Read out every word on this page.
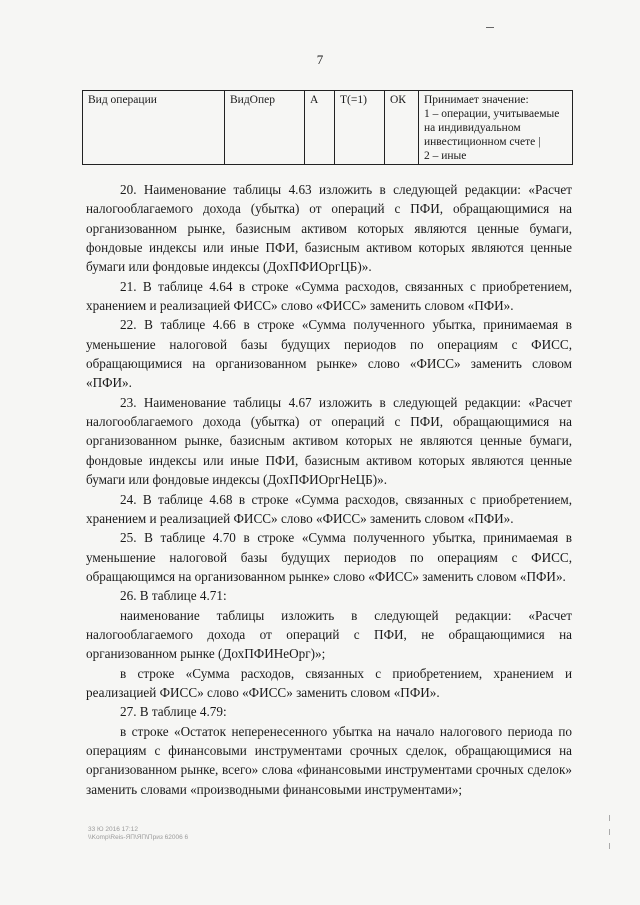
7
Вид операции	ВидОпер	А	T(=1)	ОК	Принимает значение:
1 – операции, учитываемые
на индивидуальном
инвестиционном счете |
2 – иные

20. Наименование таблицы 4.63 изложить в следующей редакции: «Расчет налогооблагаемого дохода (убытка) от операций с ПФИ, обращающимися на организованном рынке, базисным активом которых являются ценные бумаги, фондовые индексы или иные ПФИ, базисным активом которых являются ценные бумаги или фондовые индексы (ДохПФИОргЦБ)».

21. В таблице 4.64 в строке «Сумма расходов, связанных с приобретением, хранением и реализацией ФИСС» слово «ФИСС» заменить словом «ПФИ».

22. В таблице 4.66 в строке «Сумма полученного убытка, принимаемая в уменьшение налоговой базы будущих периодов по операциям с ФИСС, обращающимися на организованном рынке» слово «ФИСС» заменить словом «ПФИ».

23. Наименование таблицы 4.67 изложить в следующей редакции: «Расчет налогооблагаемого дохода (убытка) от операций с ПФИ, обращающимися на организованном рынке, базисным активом которых не являются ценные бумаги, фондовые индексы или иные ПФИ, базисным активом которых являются ценные бумаги или фондовые индексы (ДохПФИОргНеЦБ)».

24. В таблице 4.68 в строке «Сумма расходов, связанных с приобретением, хранением и реализацией ФИСС» слово «ФИСС» заменить словом «ПФИ».

25. В таблице 4.70 в строке «Сумма полученного убытка, принимаемая в уменьшение налоговой базы будущих периодов по операциям с ФИСС, обращающимся на организованном рынке» слово «ФИСС» заменить словом «ПФИ».

26. В таблице 4.71:

наименование таблицы изложить в следующей редакции: «Расчет налогооблагаемого дохода от операций с ПФИ, не обращающимися на организованном рынке (ДохПФИНеОрг)»;

в строке «Сумма расходов, связанных с приобретением, хранением и реализацией ФИСС» слово «ФИСС» заменить словом «ПФИ».

27. В таблице 4.79:

в строке «Остаток неперенесенного убытка на начало налогового периода по операциям с финансовыми инструментами срочных сделок, обращающимися на организованном рынке, всего» слова «финансовыми инструментами срочных сделок» заменить словами «производными финансовыми инструментами»;

33 Ю 2016 17:12
\\Komp\Reis-ЯП\ЯП\Приз 62006 6
